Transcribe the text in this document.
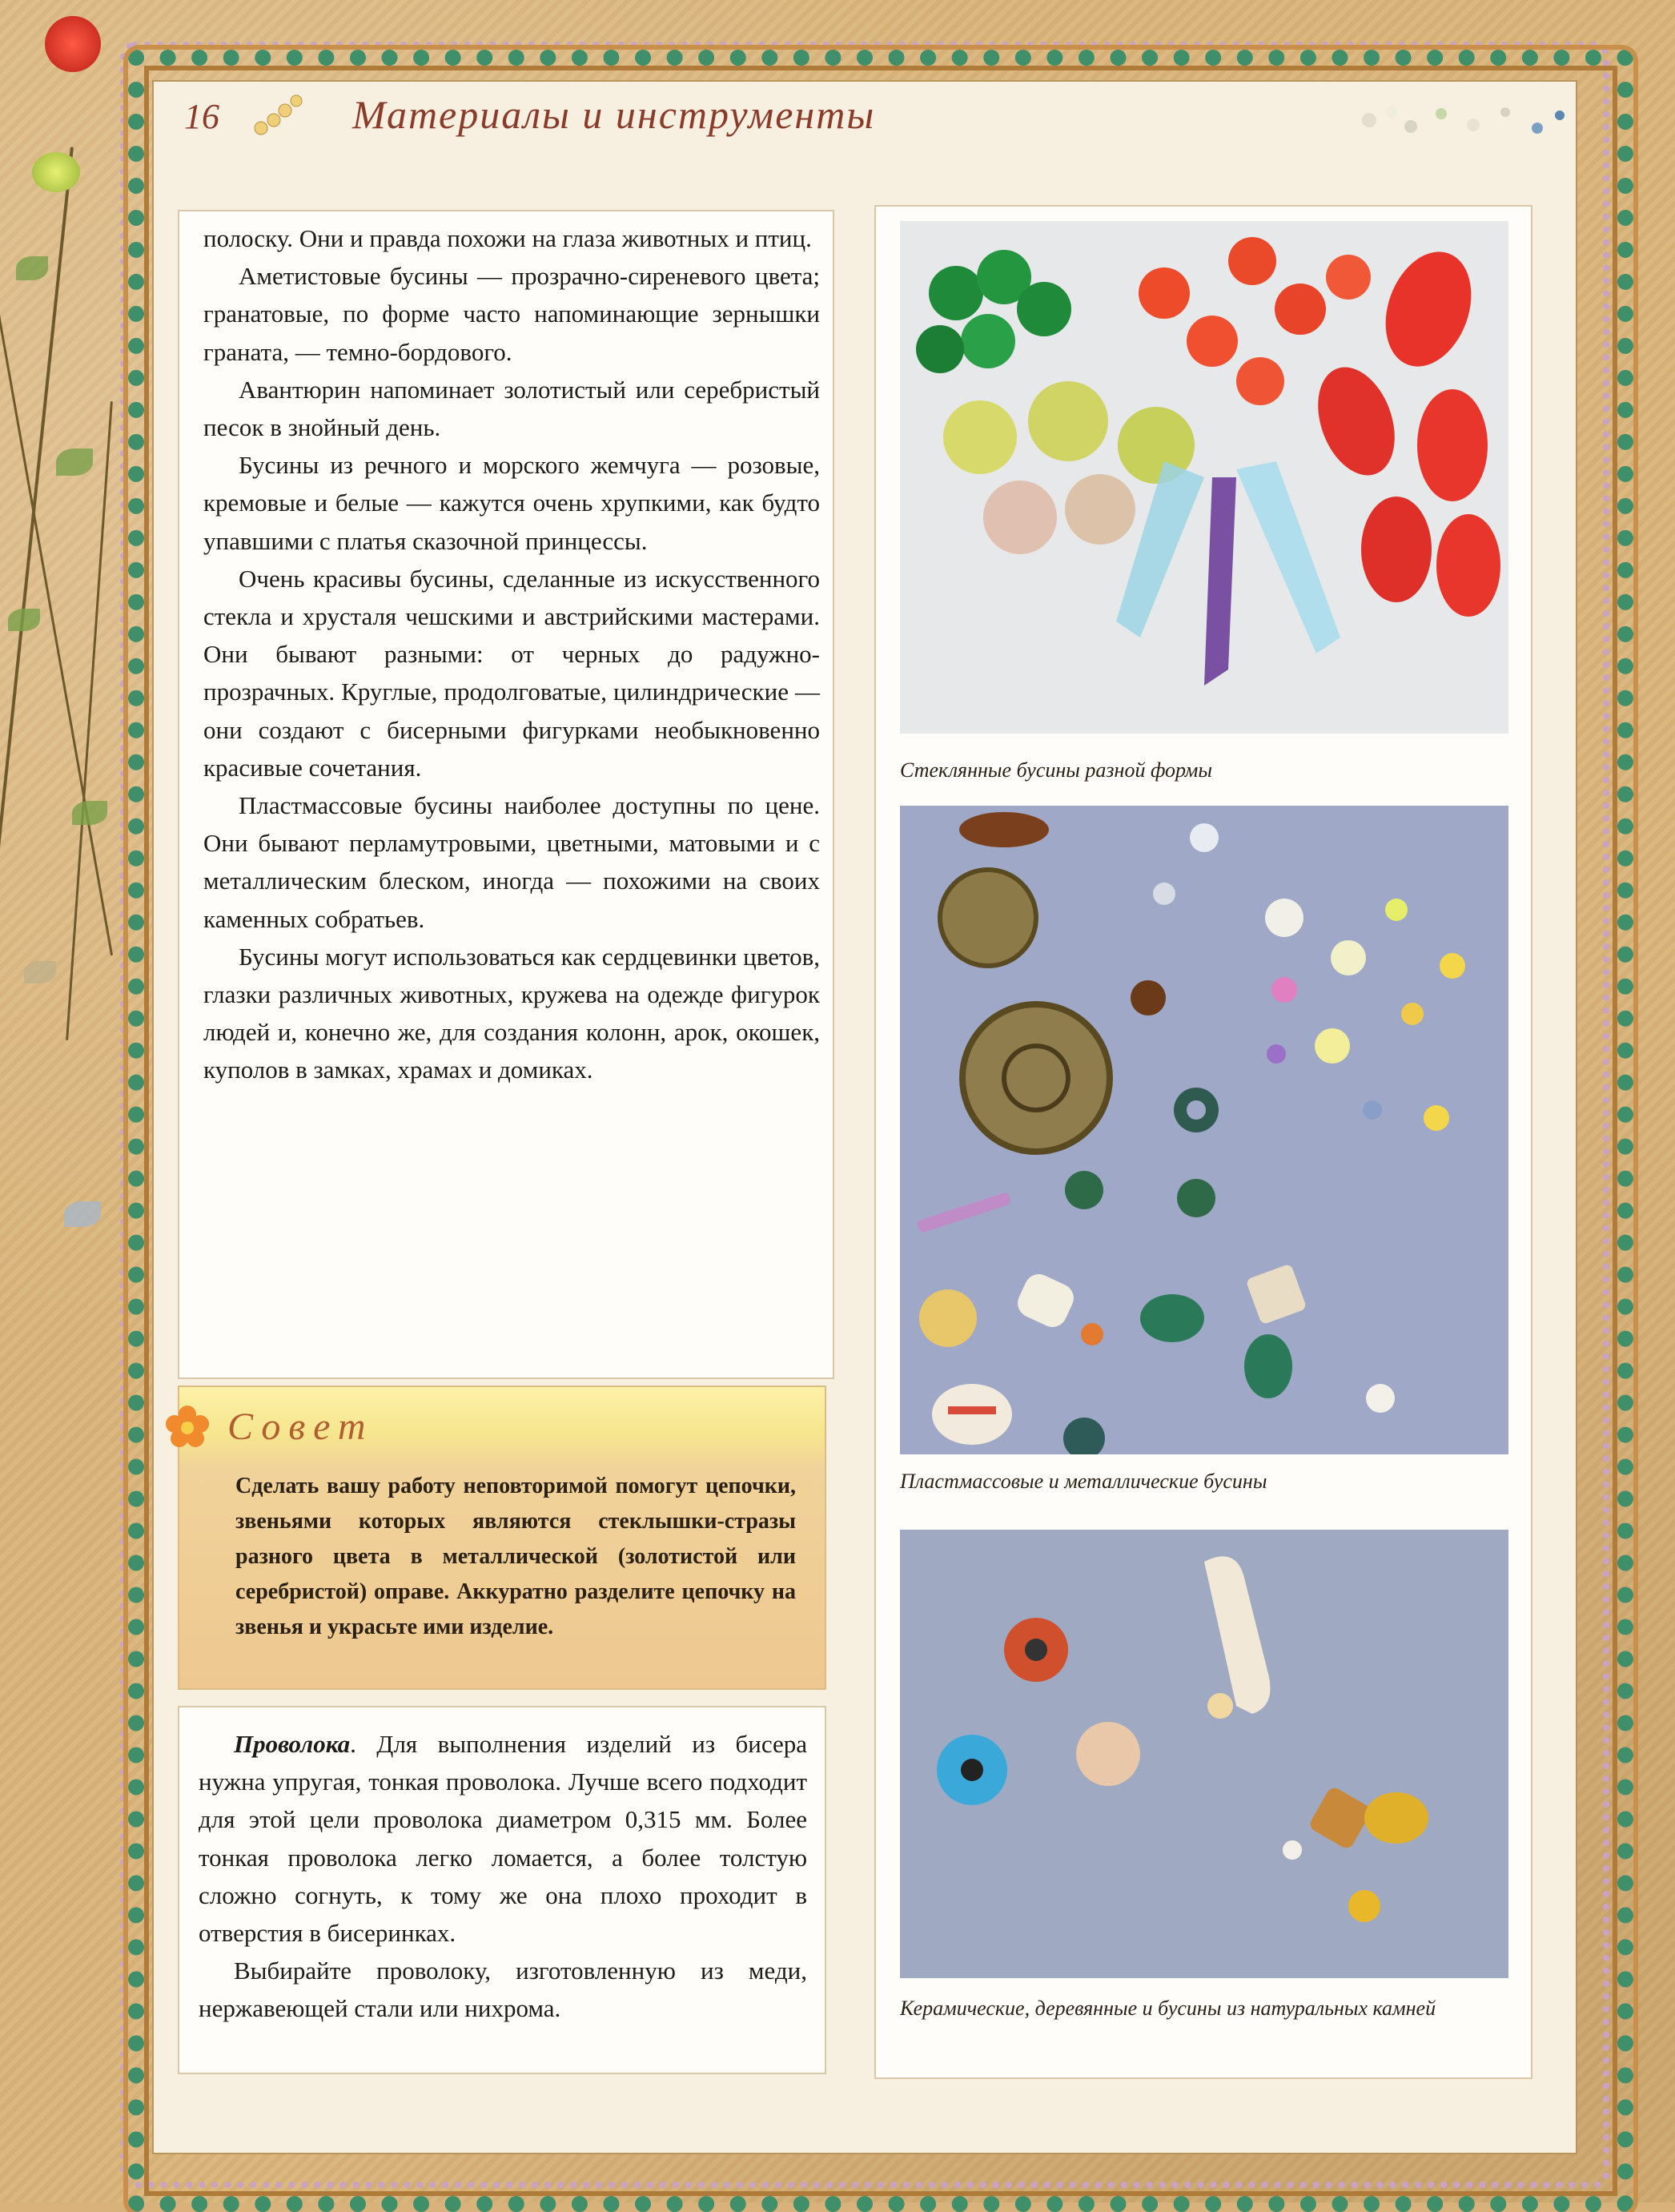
16	Материалы и инструменты

полоску. Они и правда похожи на глаза животных и птиц.

Аметистовые бусины — прозрачно-сиреневого цвета; гранатовые, по форме часто напоминающие зернышки граната, — темно-бордового.

Авантюрин напоминает золотистый или серебристый песок в знойный день.

Бусины из речного и морского жемчуга — розовые, кремовые и белые — кажутся очень хрупкими, как будто упавшими с платья сказочной принцессы.

Очень красивы бусины, сделанные из искусственного стекла и хрусталя чешскими и австрийскими мастерами. Они бывают разными: от черных до радужно-прозрачных. Круглые, продолговатые, цилиндрические — они создают с бисерными фигурками необыкновенно красивые сочетания.

Пластмассовые бусины наиболее доступны по цене. Они бывают перламутровыми, цветными, матовыми и с металлическим блеском, иногда — похожими на своих каменных собратьев.

Бусины могут использоваться как сердцевинки цветов, глазки различных животных, кружева на одежде фигурок людей и, конечно же, для создания колонн, арок, окошек, куполов в замках, храмах и домиках.

Совет

Сделать вашу работу неповторимой помогут цепочки, звеньями которых являются стеклышки-стразы разного цвета в металлической (золотистой или серебристой) оправе. Аккуратно разделите цепочку на звенья и украсьте ими изделие.

Проволока. Для выполнения изделий из бисера нужна упругая, тонкая проволока. Лучше всего подходит для этой цели проволока диаметром 0,315 мм. Более тонкая проволока легко ломается, а более толстую сложно согнуть, к тому же она плохо проходит в отверстия в бисеринках.

Выбирайте проволоку, изготовленную из меди, нержавеющей стали или нихрома.

Стеклянные бусины разной формы
Пластмассовые и металлические бусины
Керамические, деревянные и бусины из натуральных камней
